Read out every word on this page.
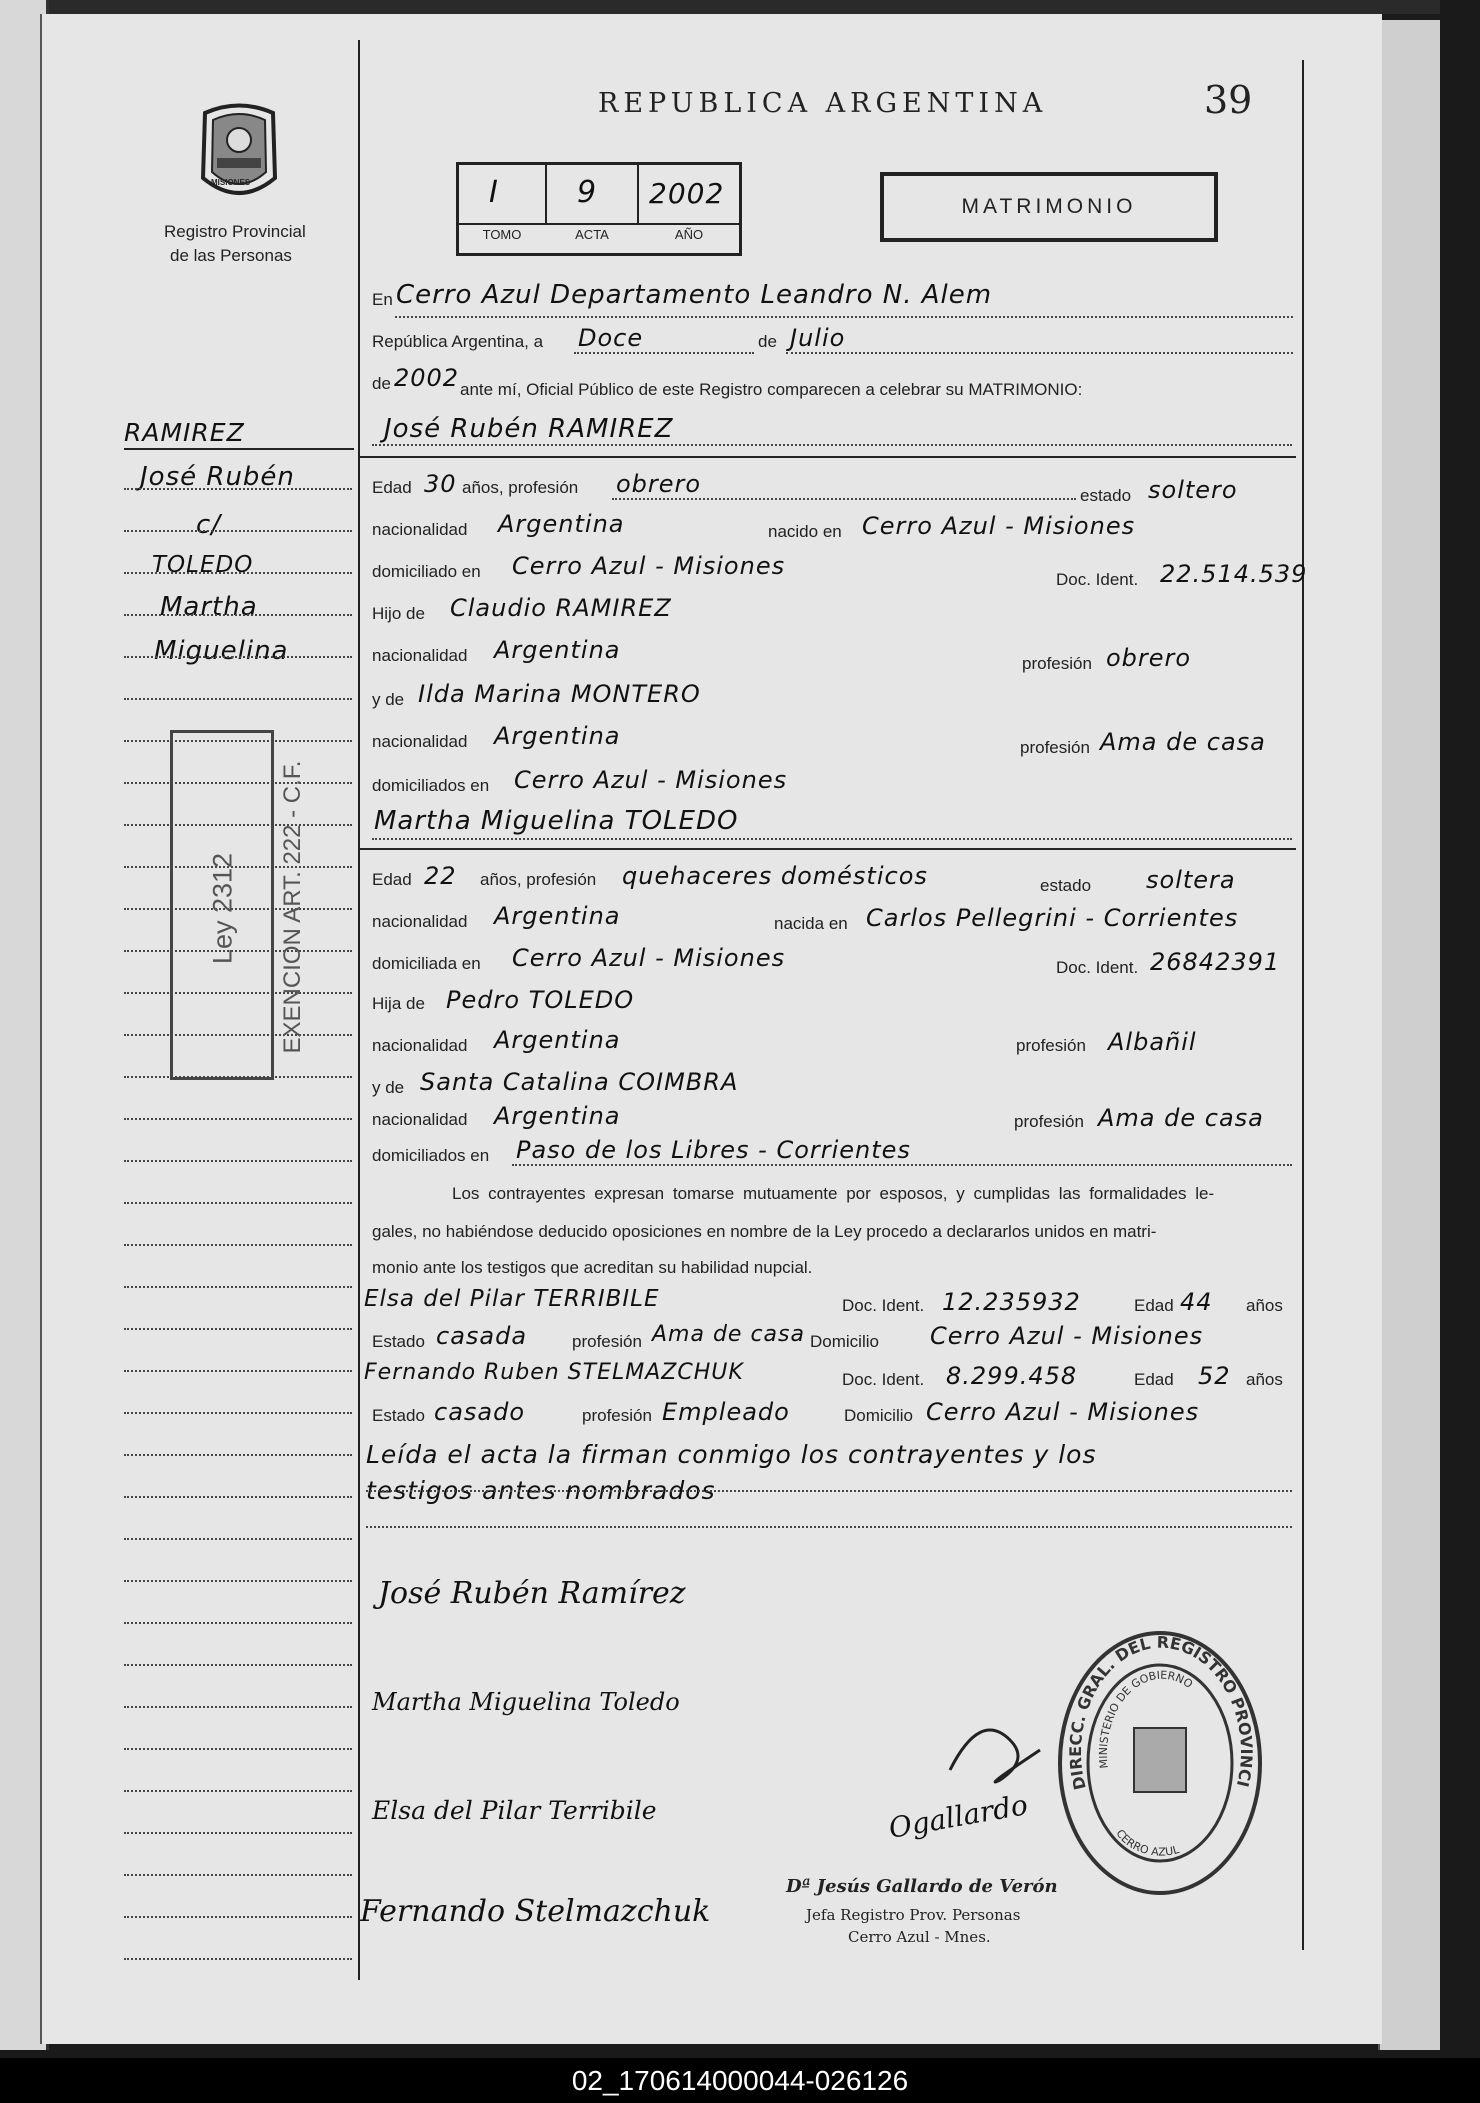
MISIONES
Registro Provincial
de las Personas
REPUBLICA ARGENTINA	39
I	9 2002
TOMO	ACTA	AÑO
MATRIMONIO
RAMIREZ
José Rubén
c/
TOLEDO
Martha
Miguelina
Ley 2312 EXENCION ART. 222 - C.F.
En Cerro Azul Departamento Leandro N. Alem
República Argentina, a Doce	de Julio
de 2002 ante mí, Oficial Público de este Registro comparecen a celebrar su MATRIMONIO:
José Rubén RAMIREZ
Edad 30 años, profesión obrero	estado soltero
nacionalidad Argentina	nacido en Cerro Azul - Misiones
domiciliado en Cerro Azul - Misiones	Doc. Ident. 22.514.539
Hijo de Claudio RAMIREZ
nacionalidad Argentina	profesión obrero
y de Ilda Marina MONTERO
nacionalidad Argentina	profesión Ama de casa
domiciliados en Cerro Azul - Misiones
Martha Miguelina TOLEDO
Edad 22 años, profesión quehaceres domésticos	estado soltera
nacionalidad Argentina	nacida en Carlos Pellegrini - Corrientes
domiciliada en Cerro Azul - Misiones	Doc. Ident. 26842391
Hija de Pedro TOLEDO
nacionalidad Argentina	profesión Albañil
y de Santa Catalina COIMBRA
nacionalidad Argentina	profesión Ama de casa
domiciliados en Paso de los Libres - Corrientes
Los contrayentes expresan tomarse mutuamente por esposos, y cumplidas las formalidades le-
gales, no habiéndose deducido oposiciones en nombre de la Ley procedo a declararlos unidos en matri-
monio ante los testigos que acreditan su habilidad nupcial.
Elsa del Pilar TERRIBILE	Doc. Ident. 12.235932	Edad 44 años
Estado casada	profesión Ama de casa Domicilio Cerro Azul - Misiones
Fernando Ruben STELMAZCHUK	Doc. Ident. 8.299.458	Edad 52 años
Estado casado	profesión Empleado	Domicilio Cerro Azul - Misiones
Leída el acta la firman conmigo los contrayentes y los
testigos antes nombrados
José Rubén Ramírez
Martha Miguelina Toledo
Elsa del Pilar Terribile
Fernando Stelmazchuk
Ogallardo
Dª Jesús Gallardo de Verón
Jefa Registro Prov. Personas
Cerro Azul - Mnes.
DIRECC. GRAL. DEL REGISTRO PROVINCI
MINISTERIO DE GOBIERNO
CERRO AZUL
02_170614000044-026126
